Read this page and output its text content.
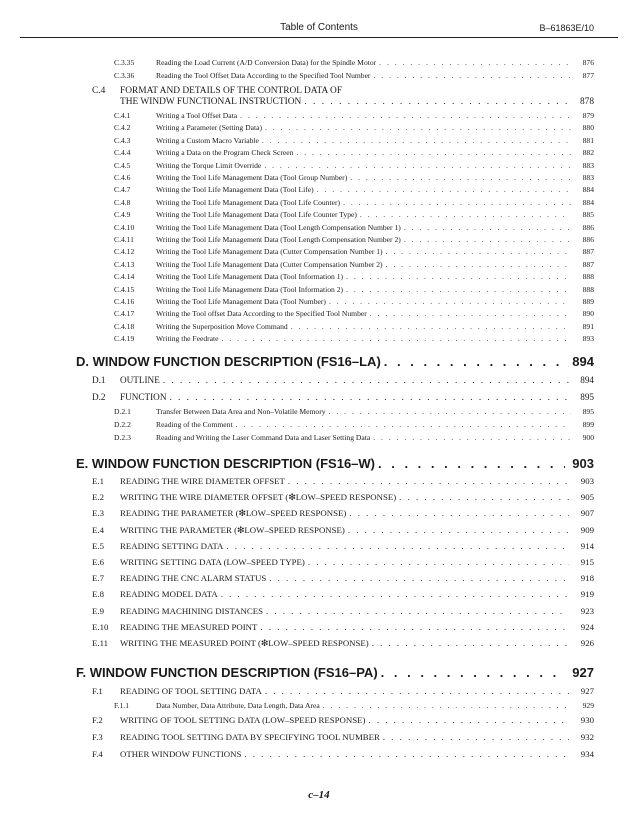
Table of Contents	B–61863E/10
C.3.35	Reading the Load Current (A/D Conversion Data) for the Spindle Motor . . .	876
C.3.36	Reading the Tool Offset Data According to the Specified Tool Number . . .	877
C.4 FORMAT AND DETAILS OF THE CONTROL DATA OF
THE WINDW FUNCTIONAL INSTRUCTION . . .	878
C.4.1	Writing a Tool Offset Data . . .	879
C.4.2	Writing a Parameter (Setting Data) . . .	880
C.4.3	Writing a Custom Macro Variable . . .	881
C.4.4	Writing a Data on the Program Check Screen . . .	882
C.4.5	Writing the Torque Limit Override . . .	883
C.4.6	Writing the Tool Life Management Data (Tool Group Number) . . .	883
C.4.7	Writing the Tool Life Management Data (Tool Life) . . .	884
C.4.8	Writing the Tool Life Management Data (Tool Life Counter) . . .	884
C.4.9	Writing the Tool Life Management Data (Tool Life Counter Type) . . .	885
C.4.10	Writing the Tool Life Management Data (Tool Length Compensation Number 1) . . .	886
C.4.11	Writing the Tool Life Management Data (Tool Length Compensation Number 2) . . .	886
C.4.12	Writing the Tool Life Management Data (Cutter Compensation Number 1) . . .	887
C.4.13	Writing the Tool Life Management Data (Cutter Compensation Number 2) . . .	887
C.4.14	Writing the Tool Life Management Data (Tool Information 1) . . .	888
C.4.15	Writing the Tool Life Management Data (Tool Information 2) . . .	888
C.4.16	Writing the Tool Life Management Data (Tool Number) . . .	889
C.4.17	Writing the Tool offset Data According to the Specified Tool Number . . .	890
C.4.18	Writing the Superposition Move Command . . .	891
C.4.19	Writing the Feedrate . . .	893
D. WINDOW FUNCTION DESCRIPTION (FS16–LA) . . .	894
D.1	OUTLINE . . .	894
D.2	FUNCTION . . .	895
D.2.1	Transfer Between Data Area and Non–Volatile Memory . . .	895
D.2.2	Reading of the Comment . . .	899
D.2.3	Reading and Writing the Laser Command Data and Laser Setting Data . . .	900
E. WINDOW FUNCTION DESCRIPTION (FS16–W) . . .	903
E.1	READING THE WIRE DIAMETER OFFSET . . .	903
E.2	WRITING THE WIRE DIAMETER OFFSET (❇LOW–SPEED RESPONSE) . . .	905
E.3	READING THE PARAMETER (❇LOW–SPEED RESPONSE) . . .	907
E.4	WRITING THE PARAMETER (❇LOW–SPEED RESPONSE) . . .	909
E.5	READING SETTING DATA . . .	914
E.6	WRITING SETTING DATA (LOW–SPEED TYPE) . . .	915
E.7	READING THE CNC ALARM STATUS . . .	918
E.8	READING MODEL DATA . . .	919
E.9	READING MACHINING DISTANCES . . .	923
E.10	READING THE MEASURED POINT . . .	924
E.11	WRITING THE MEASURED POINT (❇LOW–SPEED RESPONSE) . . .	926
F. WINDOW FUNCTION DESCRIPTION (FS16–PA) . . .	927
F.1	READING OF TOOL SETTING DATA . . .	927
F.1.1	Data Number, Data Attribute, Data Length, Data Area . . .	929
F.2	WRITING OF TOOL SETTING DATA (LOW–SPEED RESPONSE) . . .	930
F.3	READING TOOL SETTING DATA BY SPECIFYING TOOL NUMBER . . .	932
F.4	OTHER WINDOW FUNCTIONS . . .	934
c–14
